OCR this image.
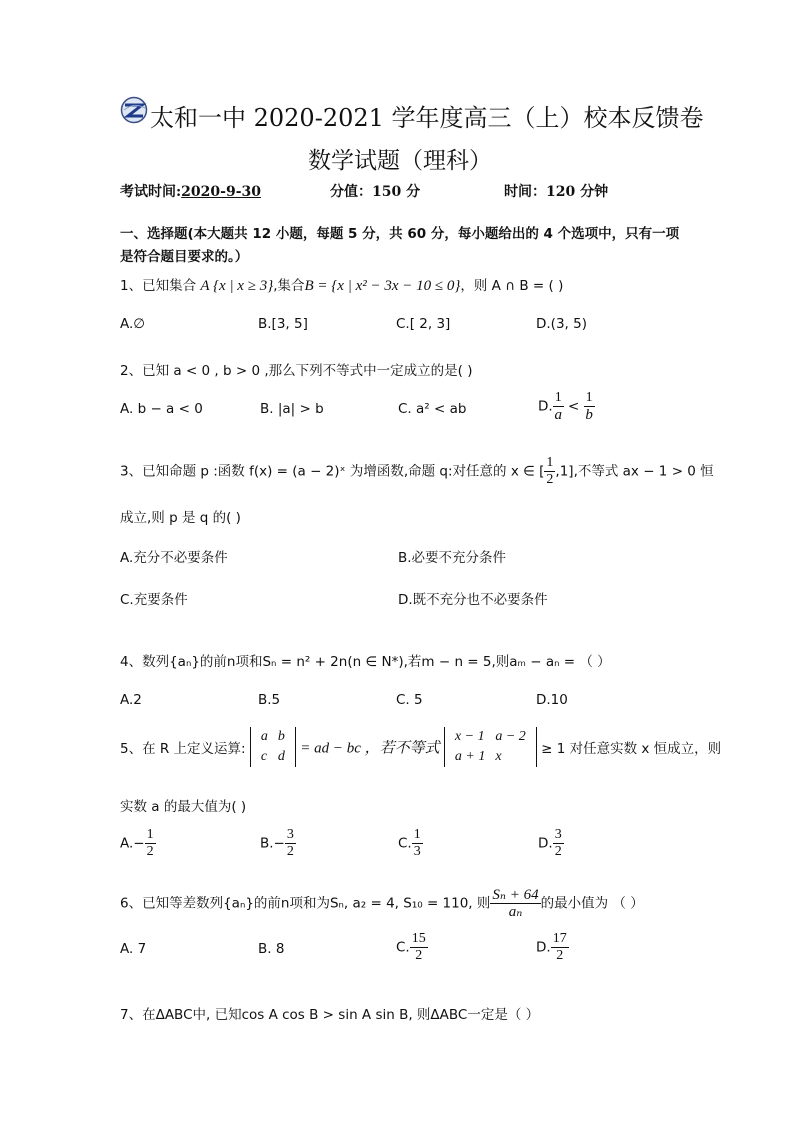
太和一中 2020-2021 学年度高三（上）校本反馈卷
数学试题（理科）
考试时间:2020-9-30	分值：150 分	时间：120 分钟
一、选择题(本大题共 12 小题，每题 5 分，共 60 分，每小题给出的 4 个选项中，只有一项
是符合题目要求的。）
1、已知集合 A {x | x ≥ 3},集合B = {x | x² − 3x − 10 ≤ 0}，则 A ∩ B = ( )
A.∅	B.[3, 5]	C.[ 2, 3]	D.(3, 5)
2、已知 a < 0 , b > 0 ,那么下列不等式中一定成立的是( )
A. b − a < 0	B. |a| > b	C. a² < ab	D. $\frac{1}{a} < \frac{1}{b}$
3、已知命题 p :函数 f(x) = (a − 2)ˣ 为增函数,命题 q:对任意的 x ∈ [ $\frac{1}{2} ,1$],不等式 ax − 1 > 0 恒
成立,则 p 是 q 的( )
A.充分不必要条件	B.必要不充分条件
C.充要条件	D.既不充分也不必要条件
4、数列{aₙ}的前n项和Sₙ = n² + 2n(n ∈ N*),若m − n = 5,则aₘ − aₙ = （ ）
A.2	B.5	C. 5	D.10
5、在 R 上定义运算:
a	b
c	d = ad − bc ，若不等式
x − 1	a − 2
a + 1	x	≥ 1 对任意实数 x 恒成立，则
实数 a 的最大值为( )
$A.- \frac{1}{2}$	$B.- \frac{3}{2}$	C. $\frac{1}{3}$	D. $\frac{3}{2}$
6、已知等差数列{aₙ}的前n项和为Sₙ, a₂ = 4, S₁₀ = 110, 则 $\frac{\text{Sₙ + 64}}{\text{aₙ}}$ 的最小值为 （ ）
A. 7	B. 8	C. $\frac{15}{2}$	D. $\frac{17}{2}$
7、在ΔABC中, 已知cos A cos B > sin A sin B, 则ΔABC一定是（ ）
